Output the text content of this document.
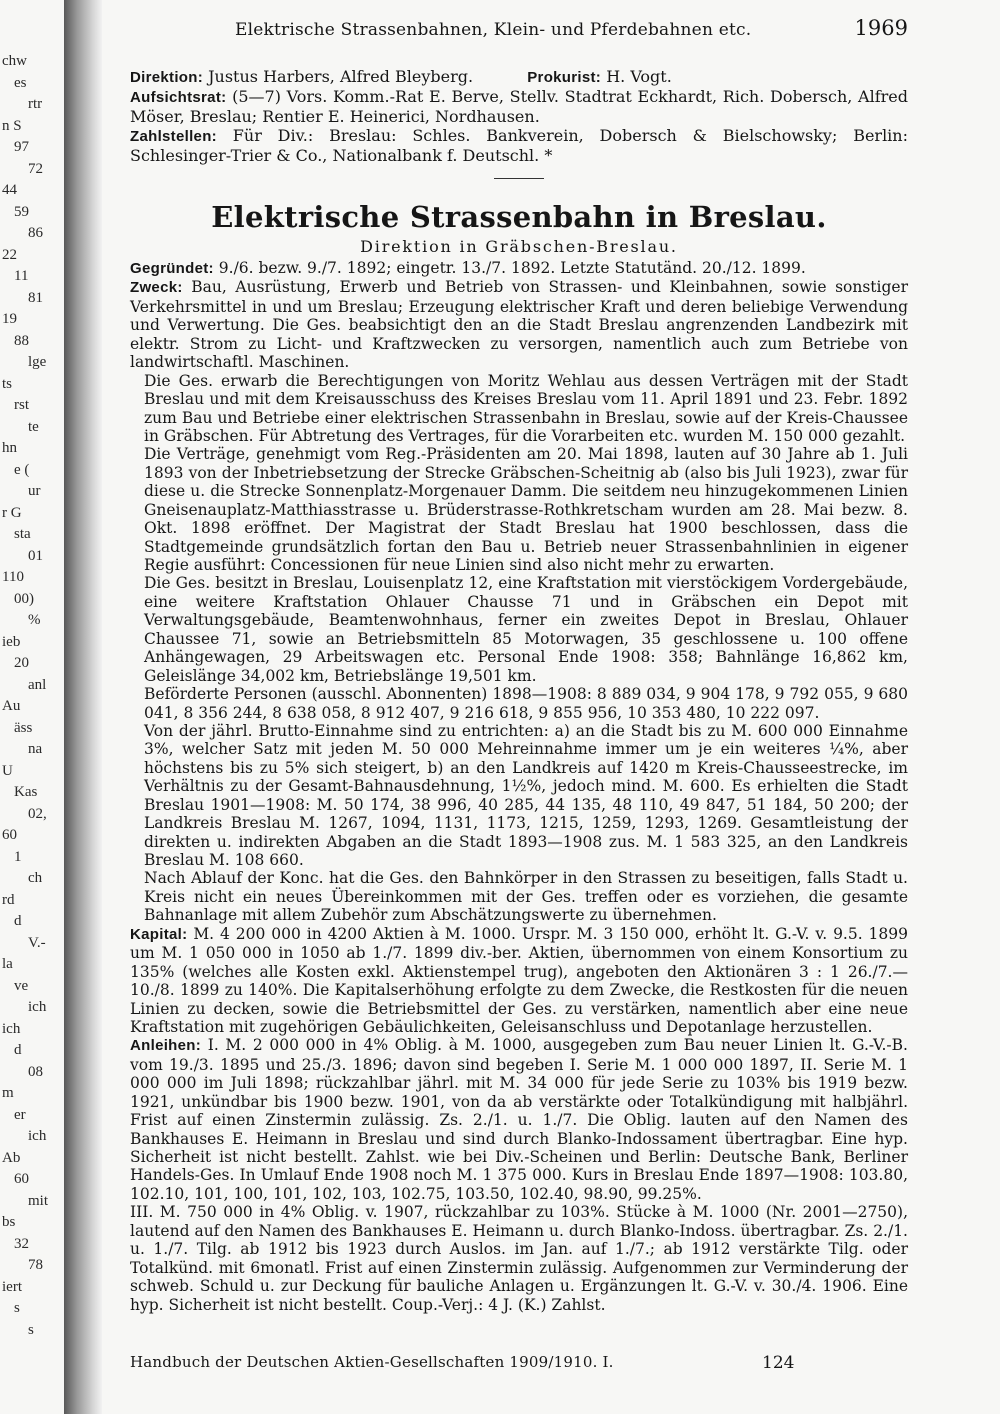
chw
es
rtr
n S
97
72
44
59
86
22
11
81
19
88
lge
ts
rst
te
hn
e (
ur
r G
sta
01
110
00)
%
ieb
20
anl
Au
äss
na
U
Kas
02,
60
1
ch
rd
d
V.-
la
ve
ich
ich
d
08
m
er
ich
Ab
60
mit
bs
32
78
iert
s
s
Elektrische Strassenbahnen, Klein- und Pferdebahnen etc.	1969

Direktion: Justus Harbers, Alfred Bleyberg.	Prokurist: H. Vogt.

Aufsichtsrat: (5—7) Vors. Komm.-Rat E. Berve, Stellv. Stadtrat Eckhardt, Rich. Dobersch, Alfred Möser, Breslau; Rentier E. Heinerici, Nordhausen.

Zahlstellen: Für Div.: Breslau: Schles. Bankverein, Dobersch & Bielschowsky; Berlin: Schlesinger-Trier & Co., Nationalbank f. Deutschl. *

Elektrische Strassenbahn in Breslau.
Direktion in Gräbschen-Breslau.

Gegründet: 9./6. bezw. 9./7. 1892; eingetr. 13./7. 1892. Letzte Statutänd. 20./12. 1899.

Zweck: Bau, Ausrüstung, Erwerb und Betrieb von Strassen- und Kleinbahnen, sowie sonstiger Verkehrsmittel in und um Breslau; Erzeugung elektrischer Kraft und deren beliebige Verwendung und Verwertung. Die Ges. beabsichtigt den an die Stadt Breslau angrenzenden Landbezirk mit elektr. Strom zu Licht- und Kraftzwecken zu versorgen, namentlich auch zum Betriebe von landwirtschaftl. Maschinen.

Die Ges. erwarb die Berechtigungen von Moritz Wehlau aus dessen Verträgen mit der Stadt Breslau und mit dem Kreisausschuss des Kreises Breslau vom 11. April 1891 und 23. Febr. 1892 zum Bau und Betriebe einer elektrischen Strassenbahn in Breslau, sowie auf der Kreis-Chaussee in Gräbschen. Für Abtretung des Vertrages, für die Vorarbeiten etc. wurden M. 150 000 gezahlt.

Die Verträge, genehmigt vom Reg.-Präsidenten am 20. Mai 1898, lauten auf 30 Jahre ab 1. Juli 1893 von der Inbetriebsetzung der Strecke Gräbschen-Scheitnig ab (also bis Juli 1923), zwar für diese u. die Strecke Sonnenplatz-Morgenauer Damm. Die seitdem neu hinzugekommenen Linien Gneisenauplatz-Matthiasstrasse u. Brüderstrasse-Rothkretscham wurden am 28. Mai bezw. 8. Okt. 1898 eröffnet. Der Magistrat der Stadt Breslau hat 1900 beschlossen, dass die Stadtgemeinde grundsätzlich fortan den Bau u. Betrieb neuer Strassenbahnlinien in eigener Regie ausführt: Concessionen für neue Linien sind also nicht mehr zu erwarten.

Die Ges. besitzt in Breslau, Louisenplatz 12, eine Kraftstation mit vierstöckigem Vordergebäude, eine weitere Kraftstation Ohlauer Chausse 71 und in Gräbschen ein Depot mit Verwaltungsgebäude, Beamtenwohnhaus, ferner ein zweites Depot in Breslau, Ohlauer Chaussee 71, sowie an Betriebsmitteln 85 Motorwagen, 35 geschlossene u. 100 offene Anhängewagen, 29 Arbeitswagen etc. Personal Ende 1908: 358; Bahnlänge 16,862 km, Geleislänge 34,002 km, Betriebslänge 19,501 km.

Beförderte Personen (ausschl. Abonnenten) 1898—1908: 8 889 034, 9 904 178, 9 792 055, 9 680 041, 8 356 244, 8 638 058, 8 912 407, 9 216 618, 9 855 956, 10 353 480, 10 222 097.

Von der jährl. Brutto-Einnahme sind zu entrichten: a) an die Stadt bis zu M. 600 000 Einnahme 3%, welcher Satz mit jeden M. 50 000 Mehreinnahme immer um je ein weiteres ¼%, aber höchstens bis zu 5% sich steigert, b) an den Landkreis auf 1420 m Kreis-Chausseestrecke, im Verhältnis zu der Gesamt-Bahnausdehnung, 1½%, jedoch mind. M. 600. Es erhielten die Stadt Breslau 1901—1908: M. 50 174, 38 996, 40 285, 44 135, 48 110, 49 847, 51 184, 50 200; der Landkreis Breslau M. 1267, 1094, 1131, 1173, 1215, 1259, 1293, 1269. Gesamtleistung der direkten u. indirekten Abgaben an die Stadt 1893—1908 zus. M. 1 583 325, an den Landkreis Breslau M. 108 660.

Nach Ablauf der Konc. hat die Ges. den Bahnkörper in den Strassen zu beseitigen, falls Stadt u. Kreis nicht ein neues Übereinkommen mit der Ges. treffen oder es vorziehen, die gesamte Bahnanlage mit allem Zubehör zum Abschätzungswerte zu übernehmen.

Kapital: M. 4 200 000 in 4200 Aktien à M. 1000. Urspr. M. 3 150 000, erhöht lt. G.-V. v. 9.5. 1899 um M. 1 050 000 in 1050 ab 1./7. 1899 div.-ber. Aktien, übernommen von einem Konsortium zu 135% (welches alle Kosten exkl. Aktienstempel trug), angeboten den Aktionären 3 : 1 26./7.—10./8. 1899 zu 140%. Die Kapitalserhöhung erfolgte zu dem Zwecke, die Restkosten für die neuen Linien zu decken, sowie die Betriebsmittel der Ges. zu verstärken, namentlich aber eine neue Kraftstation mit zugehörigen Gebäulichkeiten, Geleisanschluss und Depotanlage herzustellen.

Anleihen: I. M. 2 000 000 in 4% Oblig. à M. 1000, ausgegeben zum Bau neuer Linien lt. G.-V.-B. vom 19./3. 1895 und 25./3. 1896; davon sind begeben I. Serie M. 1 000 000 1897, II. Serie M. 1 000 000 im Juli 1898; rückzahlbar jährl. mit M. 34 000 für jede Serie zu 103% bis 1919 bezw. 1921, unkündbar bis 1900 bezw. 1901, von da ab verstärkte oder Totalkündigung mit halbjährl. Frist auf einen Zinstermin zulässig. Zs. 2./1. u. 1./7. Die Oblig. lauten auf den Namen des Bankhauses E. Heimann in Breslau und sind durch Blanko-Indossament übertragbar. Eine hyp. Sicherheit ist nicht bestellt. Zahlst. wie bei Div.-Scheinen und Berlin: Deutsche Bank, Berliner Handels-Ges. In Umlauf Ende 1908 noch M. 1 375 000. Kurs in Breslau Ende 1897—1908: 103.80, 102.10, 101, 100, 101, 102, 103, 102.75, 103.50, 102.40, 98.90, 99.25%.

III. M. 750 000 in 4% Oblig. v. 1907, rückzahlbar zu 103%. Stücke à M. 1000 (Nr. 2001—2750), lautend auf den Namen des Bankhauses E. Heimann u. durch Blanko-Indoss. übertragbar. Zs. 2./1. u. 1./7. Tilg. ab 1912 bis 1923 durch Auslos. im Jan. auf 1./7.; ab 1912 verstärkte Tilg. oder Totalkünd. mit 6monatl. Frist auf einen Zinstermin zulässig. Aufgenommen zur Verminderung der schweb. Schuld u. zur Deckung für bauliche Anlagen u. Ergänzungen lt. G.-V. v. 30./4. 1906. Eine hyp. Sicherheit ist nicht bestellt. Coup.-Verj.: 4 J. (K.) Zahlst.

Handbuch der Deutschen Aktien-Gesellschaften 1909/1910. I.	124
